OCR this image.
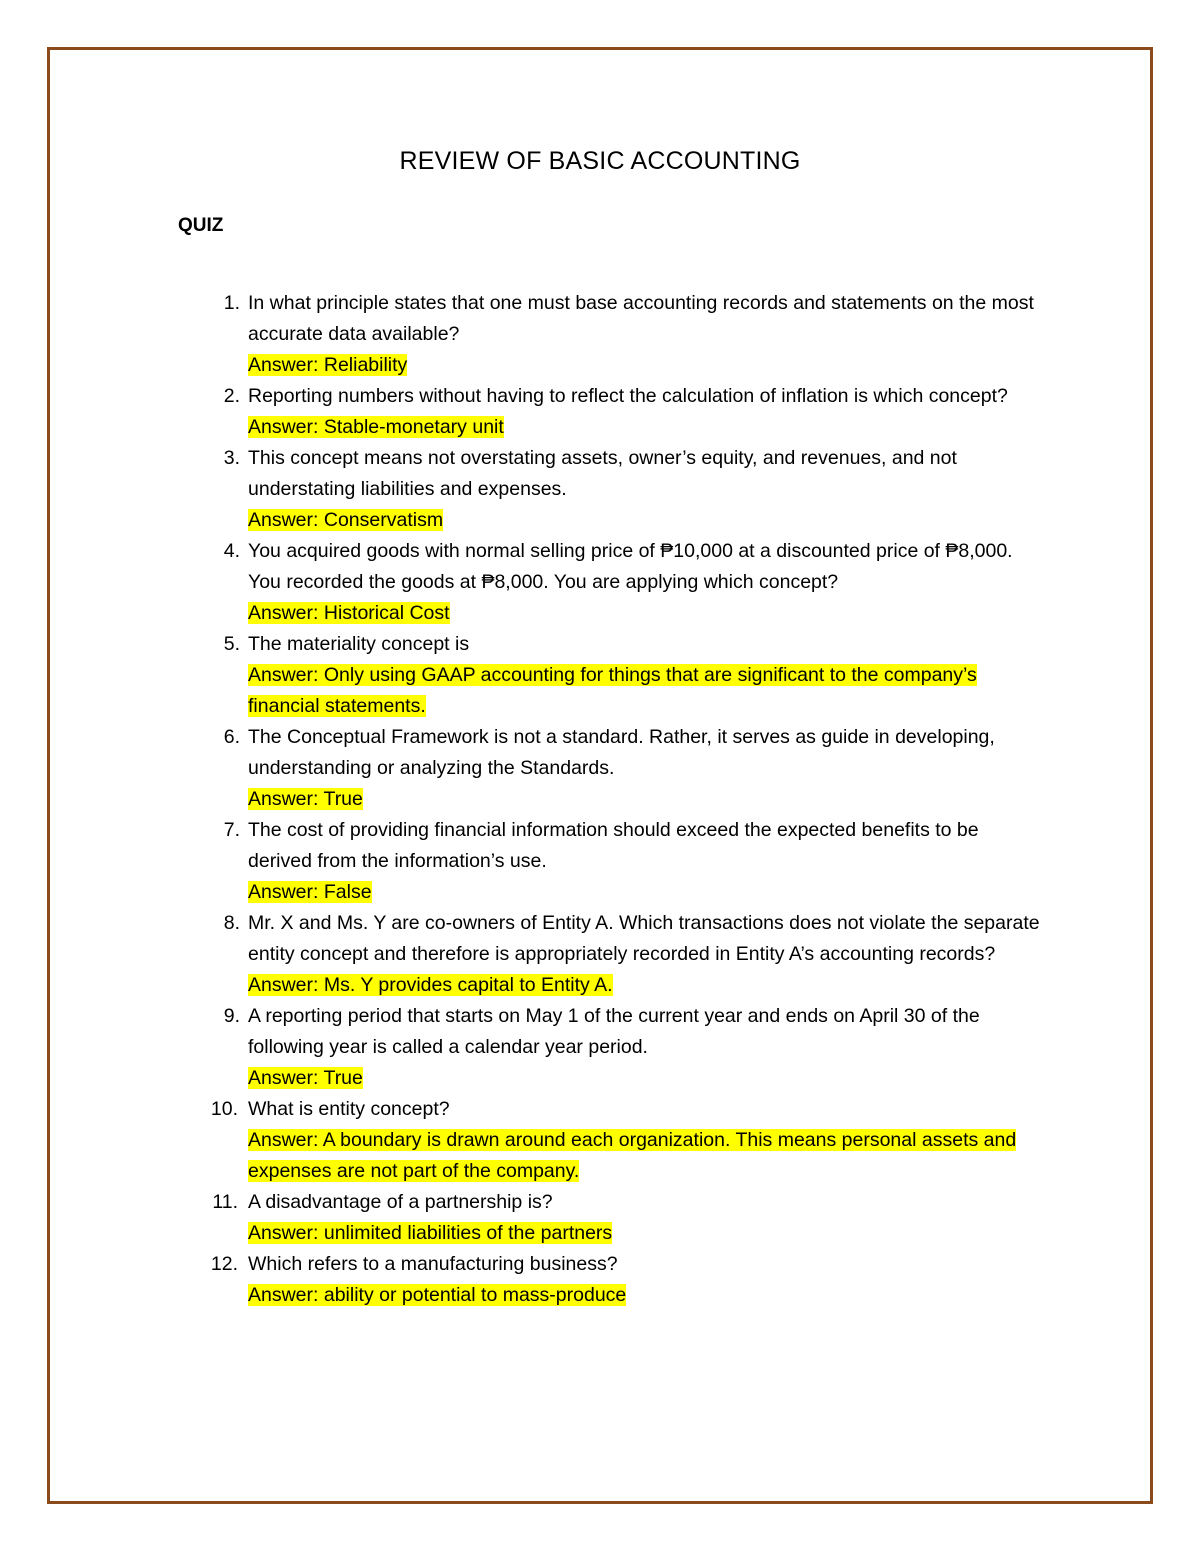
REVIEW OF BASIC ACCOUNTING
QUIZ
1. In what principle states that one must base accounting records and statements on the most accurate data available?
Answer: Reliability
2. Reporting numbers without having to reflect the calculation of inflation is which concept?
Answer: Stable-monetary unit
3. This concept means not overstating assets, owner’s equity, and revenues, and not understating liabilities and expenses.
Answer: Conservatism
4. You acquired goods with normal selling price of ₱10,000 at a discounted price of ₱8,000. You recorded the goods at ₱8,000. You are applying which concept?
Answer: Historical Cost
5. The materiality concept is
Answer: Only using GAAP accounting for things that are significant to the company’s financial statements.
6. The Conceptual Framework is not a standard. Rather, it serves as guide in developing, understanding or analyzing the Standards.
Answer: True
7. The cost of providing financial information should exceed the expected benefits to be derived from the information’s use.
Answer: False
8. Mr. X and Ms. Y are co-owners of Entity A. Which transactions does not violate the separate entity concept and therefore is appropriately recorded in Entity A’s accounting records?
Answer: Ms. Y provides capital to Entity A.
9. A reporting period that starts on May 1 of the current year and ends on April 30 of the following year is called a calendar year period.
Answer: True
10. What is entity concept?
Answer: A boundary is drawn around each organization. This means personal assets and expenses are not part of the company.
11. A disadvantage of a partnership is?
Answer: unlimited liabilities of the partners
12. Which refers to a manufacturing business?
Answer: ability or potential to mass-produce
